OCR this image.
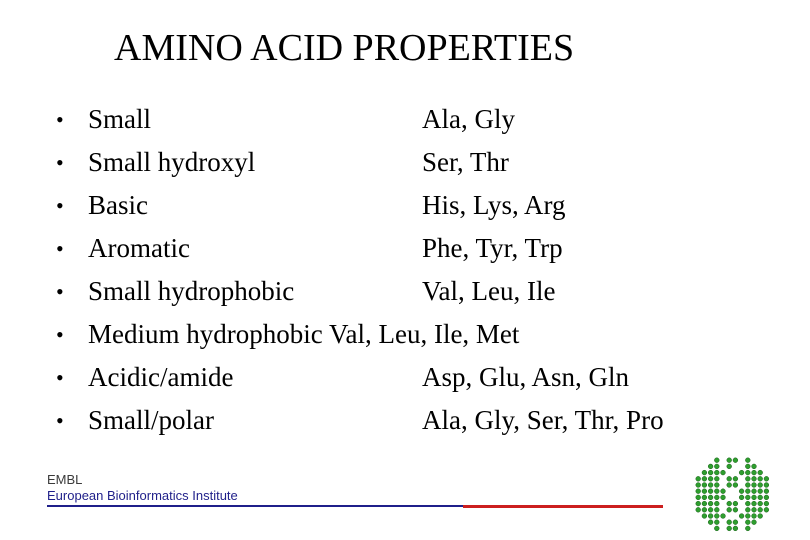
AMINO ACID PROPERTIES
• Small	Ala, Gly
• Small hydroxyl	Ser, Thr
• Basic	His, Lys, Arg
• Aromatic	Phe, Tyr, Trp
• Small hydrophobic	Val, Leu, Ile
• Medium hydrophobic Val, Leu, Ile, Met
• Acidic/amide	Asp, Glu, Asn, Gln
• Small/polar	Ala, Gly, Ser, Thr, Pro
EMBL
European Bioinformatics Institute
